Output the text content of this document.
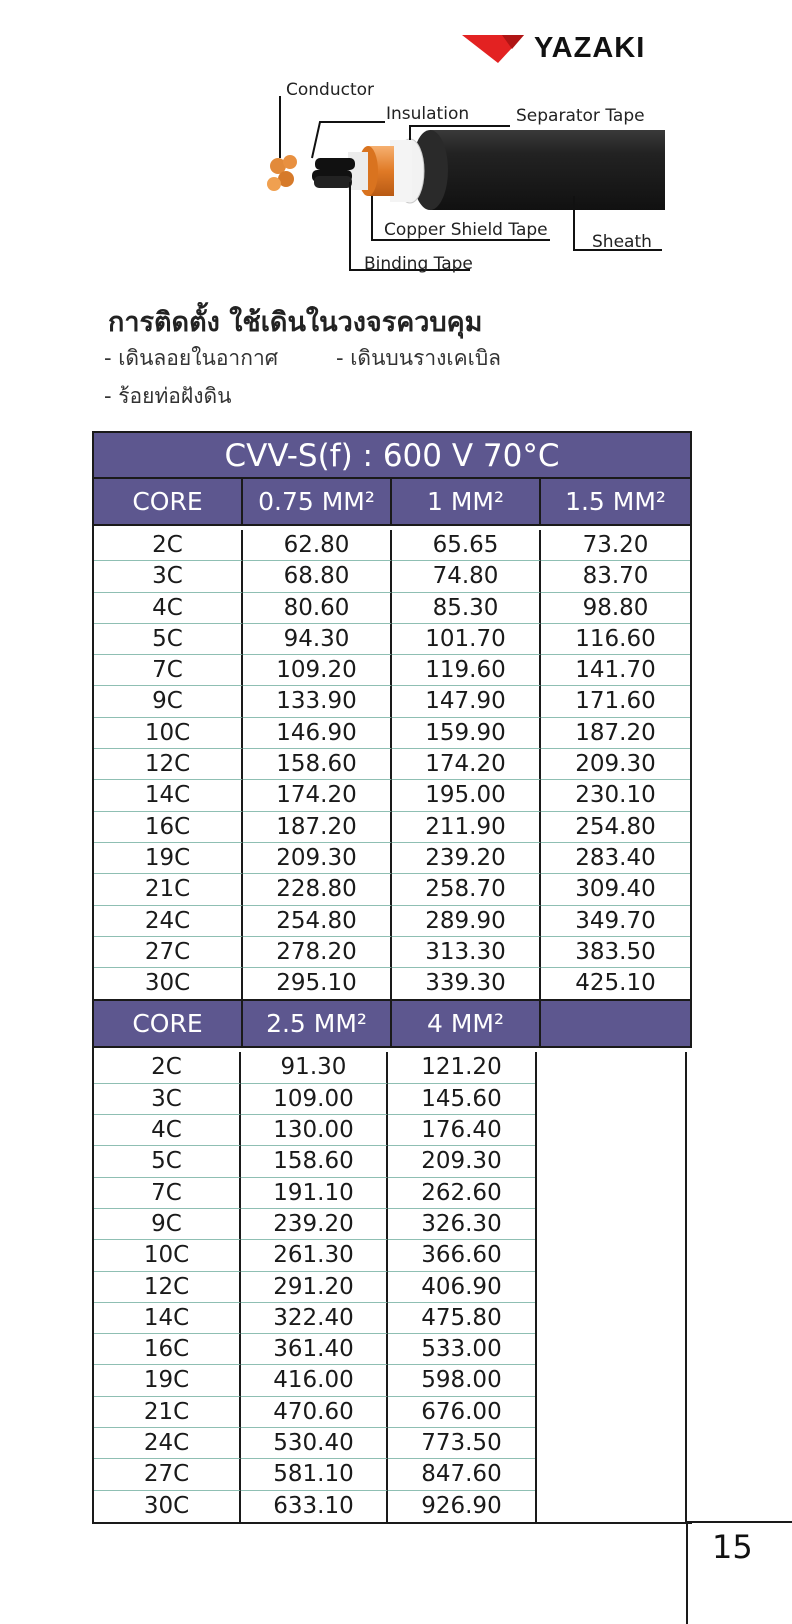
YAZAKI
Conductor
Insulation	Separator Tape
Copper Shield Tape
Sheath
Binding Tape
การติดตั้ง ใช้เดินในวงจรควบคุม
- เดินลอยในอากาศ	- เดินบนรางเคเบิล
- ร้อยท่อฝังดิน
CVV-S(f) : 600 V 70°C
CORE	0.75 MM²	1 MM²	1.5 MM²
2C	62.80	65.65	73.20
3C	68.80	74.80	83.70
4C	80.60	85.30	98.80
5C	94.30	101.70	116.60
7C	109.20	119.60	141.70
9C	133.90	147.90	171.60
10C	146.90	159.90	187.20
12C	158.60	174.20	209.30
14C	174.20	195.00	230.10
16C	187.20	211.90	254.80
19C	209.30	239.20	283.40
21C	228.80	258.70	309.40
24C	254.80	289.90	349.70
27C	278.20	313.30	383.50
30C	295.10	339.30	425.10
CORE	2.5 MM²	4 MM²
2C	91.30	121.20
3C	109.00	145.60
4C	130.00	176.40
5C	158.60	209.30
7C	191.10	262.60
9C	239.20	326.30
10C	261.30	366.60
12C	291.20	406.90
14C	322.40	475.80
16C	361.40	533.00
19C	416.00	598.00
21C	470.60	676.00
24C	530.40	773.50
27C	581.10	847.60
30C	633.10	926.90
15
